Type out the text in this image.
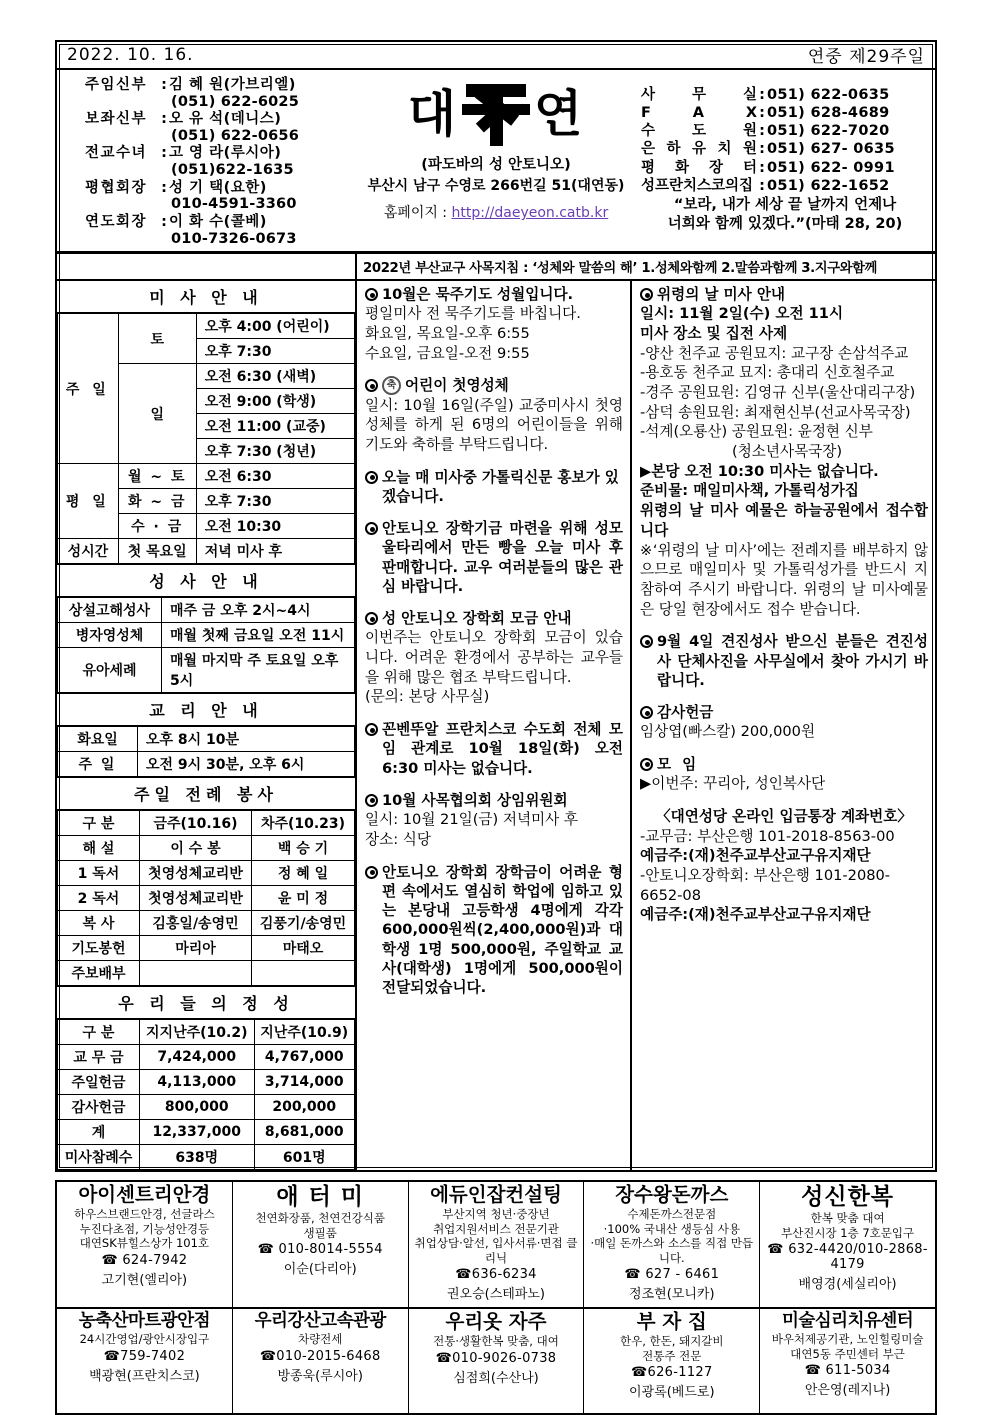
2022. 10. 16.	연중 제29주일
주임신부 : 김 혜 원(가브리엘)
(051) 622-6025
보좌신부 : 오 유 석(데니스)
(051) 622-0656
전교수녀 : 고 영 라(루시아)
(051)622-1635
평협회장 : 성 기 택(요한)
010-4591-3360
연도회장 : 이 화 수(콜베)
010-7326-0673
대 연
(파도바의 성 안토니오)
부산시 남구 수영로 266번길 51(대연동)
홈페이지 : http://daeyeon.catb.kr
사 무 실 : 051) 622-0635
F A X : 051) 628-4689
수 도 원 : 051) 622-7020
은 하 유 치 원 : 051) 627- 0635
평 화 장 터 : 051) 622- 0991
성프란치스코의집 : 051) 622-1652
“보라, 내가 세상 끝 날까지 언제나
너희와 함께 있겠다.”(마태 28, 20)
2022년 부산교구 사목지침 : ‘성체와 말씀의 해’ 1.성체와함께 2.말씀과함께 3.지구와함께
미 사 안 내
주 일	토	오후 4:00 (어린이)
		오후 7:30
	일	오전 6:30 (새벽)
		오전 9:00 (학생)
		오전 11:00 (교중)
		오후 7:30 (청년)
평 일	월 ~ 토	오전 6:30
	화 ~ 금	오후 7:30
	수 · 금	오전 10:30
성시간	첫 목요일	저녁 미사 후
성 사 안 내
상설고해성사	매주 금 오후 2시~4시
병자영성체	매월 첫째 금요일 오전 11시
유아세례	매월 마지막 주 토요일 오후 5시
교 리 안 내
화요일	오후 8시 10분
주 일	오전 9시 30분, 오후 6시
주일 전례 봉사
구 분	금주(10.16)	차주(10.23)
해 설	이 수 봉	백 승 기
1 독서	첫영성체교리반	정 혜 일
2 독서	첫영성체교리반	윤 미 정
복 사	김홍일/송영민	김풍기/송영민
기도봉헌	마리아	마태오
주보배부		
우 리 들 의 정 성
구 분	지지난주(10.2)	지난주(10.9)
교 무 금	7,424,000	4,767,000
주일헌금	4,113,000	3,714,000
감사헌금	800,000	200,000
계	12,337,000	8,681,000
미사참례수	638명	601명
10월은 묵주기도 성월입니다.
평일미사 전 묵주기도를 바칩니다.
화요일, 목요일-오후 6:55
수요일, 금요일-오전 9:55
축 어린이 첫영성체
일시: 10월 16일(주일) 교중미사시 첫영성체를 하게 된 6명의 어린이들을 위해 기도와 축하를 부탁드립니다.
오늘 매 미사중 가톨릭신문 홍보가 있겠습니다.
안토니오 장학기금 마련을 위해 성모울타리에서 만든 빵을 오늘 미사 후 판매합니다. 교우 여러분들의 많은 관심 바랍니다.
성 안토니오 장학회 모금 안내
이번주는 안토니오 장학회 모금이 있습니다. 어려운 환경에서 공부하는 교우들을 위해 많은 협조 부탁드립니다.
(문의: 본당 사무실)
꼰벤뚜알 프란치스코 수도회 전체 모임 관계로 10월 18일(화) 오전 6:30 미사는 없습니다.
10월 사목협의회 상임위원회
일시: 10월 21일(금) 저녁미사 후
장소: 식당
안토니오 장학회 장학금이 어려운 형편 속에서도 열심히 학업에 임하고 있는 본당내 고등학생 4명에게 각각 600,000원씩(2,400,000원)과 대학생 1명 500,000원, 주일학교 교사(대학생) 1명에게 500,000원이 전달되었습니다.
위령의 날 미사 안내
일시: 11월 2일(수) 오전 11시
미사 장소 및 집전 사제
-양산 천주교 공원묘지: 교구장 손삼석주교
-용호동 천주교 묘지: 총대리 신호철주교
-경주 공원묘원: 김영규 신부(울산대리구장)
-삼덕 송원묘원: 최재현신부(선교사목국장)
-석계(오룡산) 공원묘원: 윤정현 신부
(청소년사목국장)
▶본당 오전 10:30 미사는 없습니다.
준비물: 매일미사책, 가톨릭성가집
위령의 날 미사 예물은 하늘공원에서 접수합니다
※‘위령의 날 미사’에는 전례지를 배부하지 않으므로 매일미사 및 가톨릭성가를 반드시 지참하여 주시기 바랍니다. 위령의 날 미사예물은 당일 현장에서도 접수 받습니다.
9월 4일 견진성사 받으신 분들은 견진성사 단체사진을 사무실에서 찾아 가시기 바랍니다.
감사헌금
임상엽(빠스칼) 200,000원
모 임
▶이번주: 꾸리아, 성인복사단
〈대연성당 온라인 입금통장 계좌번호〉
-교무금: 부산은행 101-2018-8563-00
예금주:(재)천주교부산교구유지재단
-안토니오장학회: 부산은행 101-2080-6652-08
예금주:(재)천주교부산교구유지재단
아이센트리안경
하우스브랜드안경, 선글라스
누진다초점, 기능성안경등
대연SK뷰힐스상가 101호
☎ 624-7942
고기현(엘리아)
애 터 미
천연화장품, 천연건강식품
생필품
☎ 010-8014-5554
이순(다리아)
에듀인잡컨설팅
부산지역 청년·중장년
취업지원서비스 전문기관
취업상담·알선, 입사서류·면접 클리닉
☎636-6234
권오승(스테파노)
장수왕돈까스
수제돈까스전문점
·100% 국내산 생등심 사용
·매일 돈까스와 소스를 직접 만듭니다.
☎ 627 - 6461
정조현(모니카)
성신한복
한복 맞춤 대여
부산진시장 1층 7호문입구
☎ 632-4420/010-2868-4179
배영경(세실리아)
농축산마트광안점
24시간영업/광안시장입구
☎759-7402
백광현(프란치스코)
우리강산고속관광
차량전세
☎010-2015-6468
방종욱(루시아)
우리옷 자주
전통·생활한복 맞춤, 대여
☎010-9026-0738
심점희(수산나)
부 자 집
한우, 한돈, 돼지갈비
전통주 전문
☎626-1127
이광록(베드로)
미술심리치유센터
바우처제공기관, 노인힐링미술
대연5동 주민센터 부근
☎ 611-5034
안은영(레지나)
